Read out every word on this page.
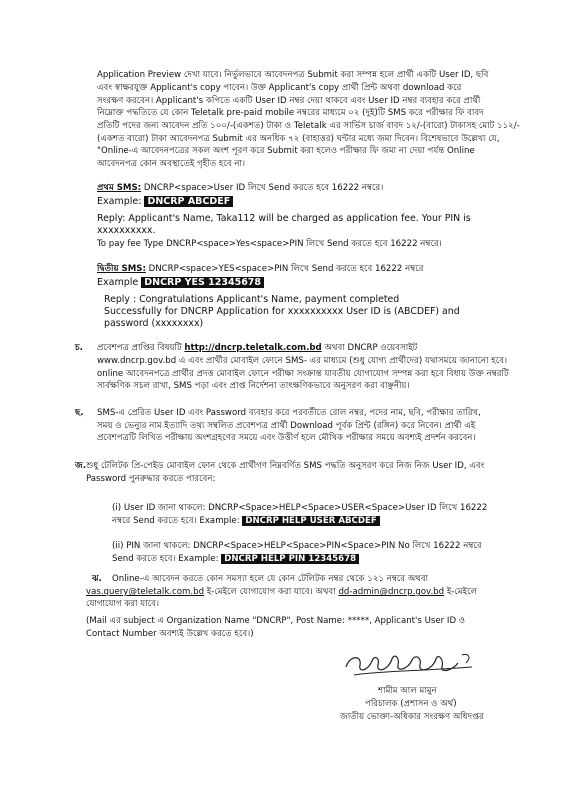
Application Preview দেখা যাবে। নির্ভুলভাবে আবেদনপত্র Submit করা সম্পন্ন হলে প্রার্থী একটি User ID, ছবি
এবং স্বাক্ষরযুক্ত Applicant's copy পাবেন। উক্ত Applicant's copy প্রার্থী প্রিন্ট অথবা download করে
সংরক্ষণ করবেন। Applicant's কপিতে একটি User ID নম্বর দেয়া থাকবে এবং User ID নম্বর ব্যবহার করে প্রার্থী
নিম্নোক্ত পদ্ধতিতে যে কোন Teletalk pre-paid mobile নম্বরের মাধ্যমে ০২ (দুই)টি SMS করে পরীক্ষার ফি বাবদ
প্রতিটি পদের জন্য আবেদন প্রতি ১০০/-(একশত) টাকা ও Teletalk এর সার্ভিস চার্জ বাবদ ১২/-(বারো) টাকাসহ মোট ১১২/-
(একশত বারো) টাকা আবেদনপত্র Submit এর অনধিক ৭২ (বাহাত্তর) ঘন্টার মধ্যে জমা দিবেন। বিশেষভাবে উল্লেখ্য যে,
"Online-এ আবেদনপত্রের সকল অংশ পূরণ করে Submit করা হলেও পরীক্ষার ফি জমা না দেয়া পর্যন্ত Online
আবেদনপত্র কোন অবস্থাতেই গৃহীত হবে না।
প্রথম SMS: DNCRP<space>User ID লিখে Send করতে হবে 16222 নম্বরে।
Example: DNCRP ABCDEF
Reply: Applicant's Name, Taka112 will be charged as application fee. Your PIN is
xxxxxxxxxx.
To pay fee Type DNCRP<space>Yes<space>PIN লিখে Send করতে হবে 16222 নম্বরে।
দ্বিতীয় SMS: DNCRP<space>YES<space>PIN লিখে Send করতে হবে 16222 নম্বরে
Example DNCRP YES 12345678
Reply : Congratulations Applicant's Name, payment completed
Successfully for DNCRP Application for xxxxxxxxxx User ID is (ABCDEF) and
password (xxxxxxxx)
চ. প্রবেশপত্র প্রাপ্তির বিষয়টি http://dncrp.teletalk.com.bd অথবা DNCRP ওয়েবসাইট
www.dncrp.gov.bd এ এবং প্রার্থীর মোবাইল ফোনে SMS- এর মাধ্যমে (শুধু যোগ্য প্রার্থীদের) যথাসময়ে জানানো হবে।
online আবেদনপত্রে প্রার্থীর প্রদত্ত মোবাইল ফোনে পরীক্ষা সংক্রান্ত যাবতীয় যোগাযোগ সম্পন্ন করা হবে বিধায় উক্ত নম্বরটি
সার্বক্ষণিক সচল রাখা, SMS পড়া এবং প্রাপ্ত নির্দেশনা তাৎক্ষণিকভাবে অনুসরণ করা বাঞ্ছনীয়।
ছ. SMS-এ প্রেরিত User ID এবং Password ব্যবহার করে পরবর্তীতে রোল নম্বর, পদের নাম, ছবি, পরীক্ষার তারিখ,
সময় ও ভেন্যুর নাম ইত্যাদি তথ্য সম্বলিত প্রবেশপত্র প্রার্থী Download পূর্বক প্রিন্ট (রঙ্গিন) করে নিবেন। প্রার্থী এই
প্রবেশপত্রটি লিখিত পরীক্ষায় অংশগ্রহণের সময়ে এবং উত্তীর্ণ হলে মৌখিক পরীক্ষার সময়ে অবশ্যই প্রদর্শন করবেন।
জ. শুধু টেলিটক প্রি-পেইড মোবাইল ফোন থেকে প্রার্থীগণ নিম্নবর্ণিত SMS পদ্ধতি অনুসরণ করে নিজ নিজ User ID, এবং
Password পুনরুদ্ধার করতে পারবেন:
(i) User ID জানা থাকলে: DNCRP<Space>HELP<Space>USER<Space>User ID লিখে 16222
নম্বরে Send করতে হবে। Example: DNCRP HELP USER ABCDEF
(ii) PIN জানা থাকলে: DNCRP<Space>HELP<Space>PIN<Space>PIN No লিখে 16222 নম্বরে
Send করতে হবে। Example: DNCRP HELP PIN 12345678
ঝ. Online-এ আবেদন করতে কোন সমস্যা হলে যে কোন টেলিটক নম্বর থেকে ১২১ নম্বরে অথবা
vas.query@teletalk.com.bd ই-মেইলে যোগাযোগ করা যাবে। অথবা dd-admin@dncrp.gov.bd ই-মেইলে
যোগাযোগ করা যাবে।
(Mail এর subject এ Organization Name "DNCRP", Post Name: *****, Applicant's User ID ও
Contact Number অবশ্যই উল্লেখ করতে হবে।)
শামীম আল মামুন
পরিচালক (প্রশাসন ও অর্থ)
জাতীয় ভোক্তা-অধিকার সংরক্ষণ অধিদপ্তর
